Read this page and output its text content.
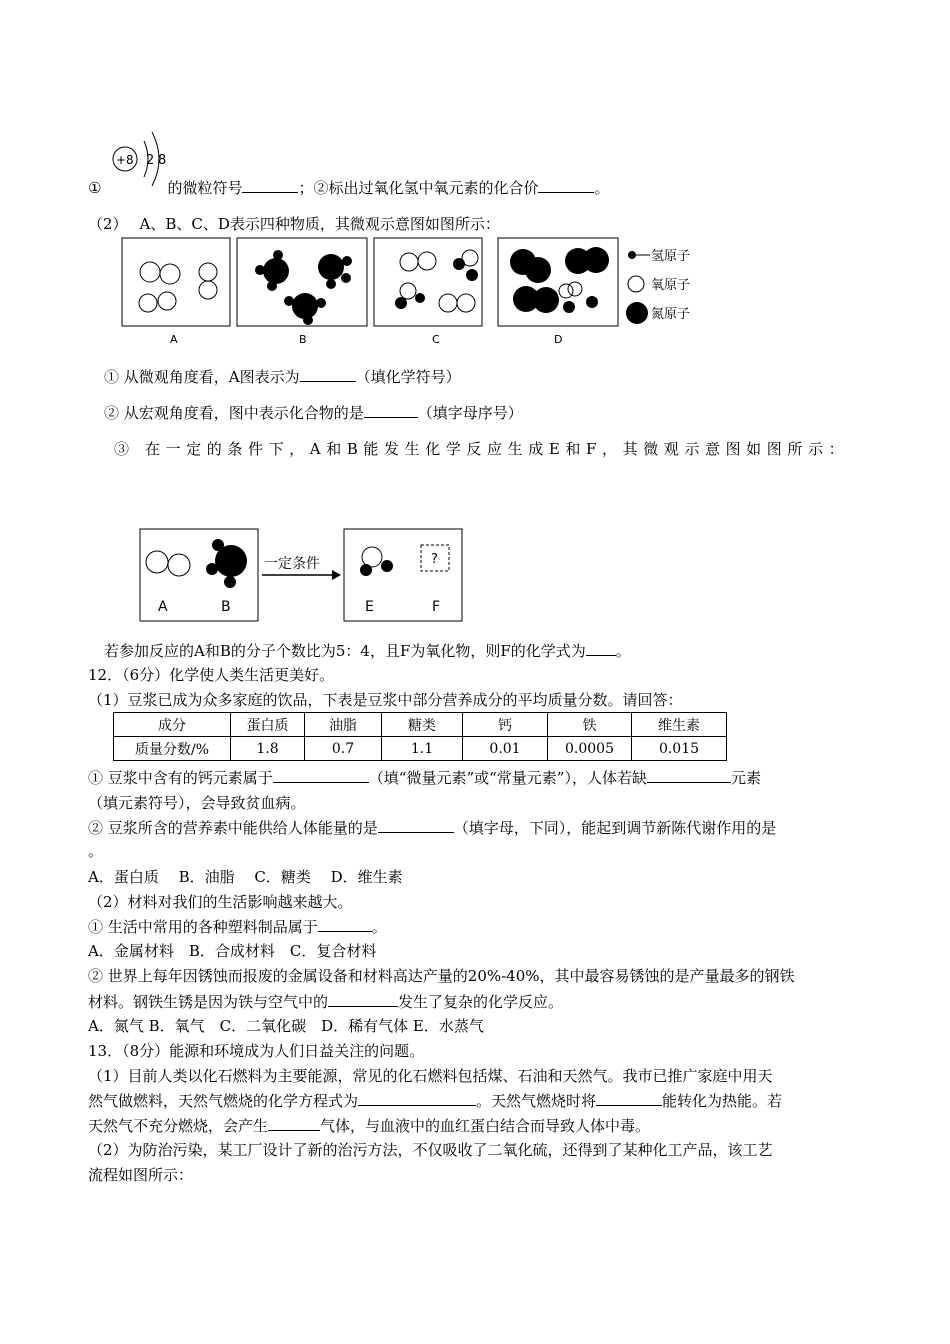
+8 2 8
①	的微粒符号	；②标出过氧化氢中氧元素的化合价	。
（2） A、B、C、D表示四种物质，其微观示意图如图所示：
A	B	C	D
氢原子
氧原子
氮原子
① 从微观角度看，A图表示为	（填化学符号）
② 从宏观角度看，图中表示化合物的是	（填字母序号）
③ 在一定的条件下，A和B能发生化学反应生成E和F，其微观示意图如图所示：
A	B
一定条件	?
E	F
若参加反应的A和B的分子个数比为5：4，且F为氧化物，则F的化学式为 。
12．（6分）化学使人类生活更美好。
（1）豆浆已成为众多家庭的饮品，下表是豆浆中部分营养成分的平均质量分数。请回答：
成分	蛋白质	油脂	糖类	钙	铁	维生素
质量分数/%	1.8	0.7	1.1	0.01	0.0005	0.015
① 豆浆中含有的钙元素属于	（填“微量元素”或“常量元素”），人体若缺	元素
（填元素符号），会导致贫血病。
② 豆浆所含的营养素中能供给人体能量的是	（填字母，下同），能起到调节新陈代谢作用的是
。
A．蛋白质　 B．油脂　 C．糖类　 D．维生素
（2）材料对我们的生活影响越来越大。
① 生活中常用的各种塑料制品属于	。
A．金属材料　B．合成材料　C．复合材料
② 世界上每年因锈蚀而报废的金属设备和材料高达产量的20%-40%，其中最容易锈蚀的是产量最多的钢铁
材料。钢铁生锈是因为铁与空气中的	发生了复杂的化学反应。
A．氮气 B．氧气　C．二氧化碳　D．稀有气体 E．水蒸气
13．（8分）能源和环境成为人们日益关注的问题。
（1）目前人类以化石燃料为主要能源，常见的化石燃料包括煤、石油和天然气。我市已推广家庭中用天
然气做燃料，天然气燃烧的化学方程式为	。天然气燃烧时将	能转化为热能。若
天然气不充分燃烧，会产生	气体，与血液中的血红蛋白结合而导致人体中毒。
（2）为防治污染，某工厂设计了新的治污方法，不仅吸收了二氧化硫，还得到了某种化工产品，该工艺
流程如图所示：
